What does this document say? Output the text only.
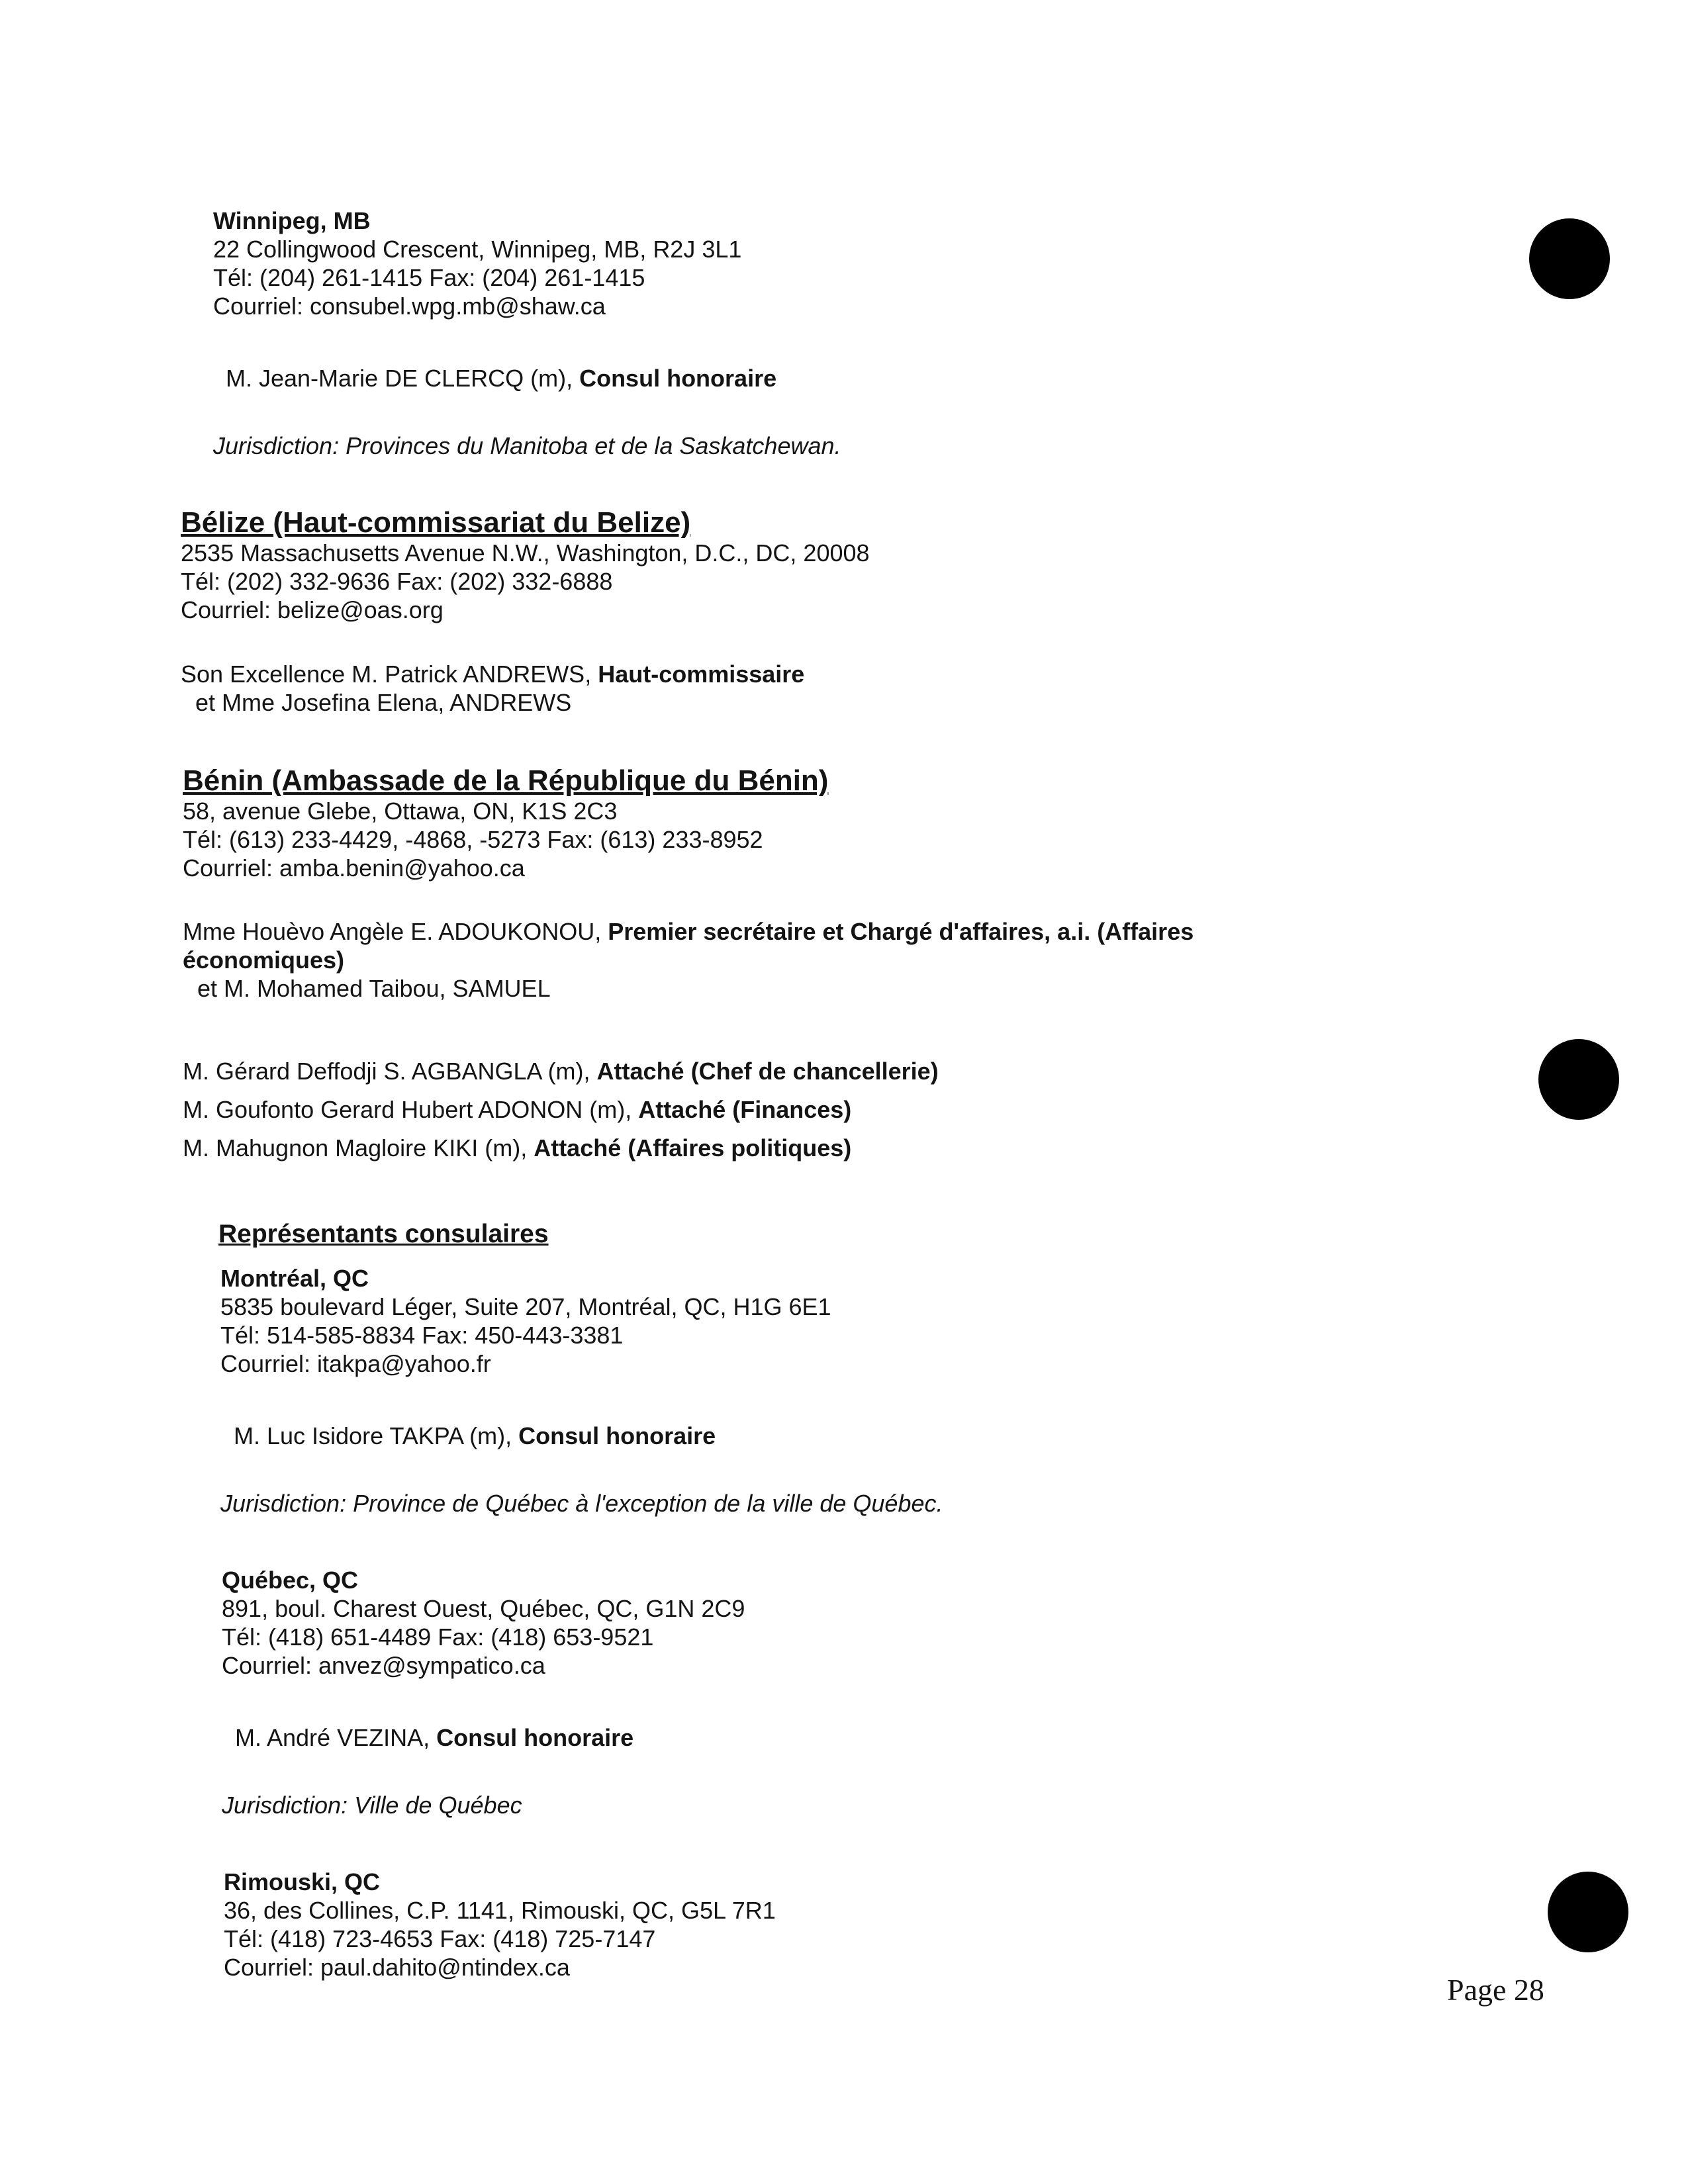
Winnipeg, MB
22 Collingwood Crescent, Winnipeg, MB, R2J 3L1
Tél: (204) 261-1415 Fax: (204) 261-1415
Courriel: consubel.wpg.mb@shaw.ca
M. Jean-Marie DE CLERCQ (m), Consul honoraire
Jurisdiction: Provinces du Manitoba et de la Saskatchewan.
Bélize (Haut-commissariat du Belize)
2535 Massachusetts Avenue N.W., Washington, D.C., DC, 20008
Tél: (202) 332-9636 Fax: (202) 332-6888
Courriel: belize@oas.org
Son Excellence M. Patrick ANDREWS, Haut-commissaire
et Mme Josefina Elena, ANDREWS
Bénin (Ambassade de la République du Bénin)
58, avenue Glebe, Ottawa, ON, K1S 2C3
Tél: (613) 233-4429, -4868, -5273 Fax: (613) 233-8952
Courriel: amba.benin@yahoo.ca
Mme Houèvo Angèle E. ADOUKONOU, Premier secrétaire et Chargé d'affaires, a.i. (Affaires
économiques)
et M. Mohamed Taibou, SAMUEL
M. Gérard Deffodji S. AGBANGLA (m), Attaché (Chef de chancellerie)
M. Goufonto Gerard Hubert ADONON (m), Attaché (Finances)
M. Mahugnon Magloire KIKI (m), Attaché (Affaires politiques)
Représentants consulaires
Montréal, QC
5835 boulevard Léger, Suite 207, Montréal, QC, H1G 6E1
Tél: 514-585-8834 Fax: 450-443-3381
Courriel: itakpa@yahoo.fr
M. Luc Isidore TAKPA (m), Consul honoraire
Jurisdiction: Province de Québec à l'exception de la ville de Québec.
Québec, QC
891, boul. Charest Ouest, Québec, QC, G1N 2C9
Tél: (418) 651-4489 Fax: (418) 653-9521
Courriel: anvez@sympatico.ca
M. André VEZINA, Consul honoraire
Jurisdiction: Ville de Québec
Rimouski, QC
36, des Collines, C.P. 1141, Rimouski, QC, G5L 7R1
Tél: (418) 723-4653 Fax: (418) 725-7147
Courriel: paul.dahito@ntindex.ca
Page 28
